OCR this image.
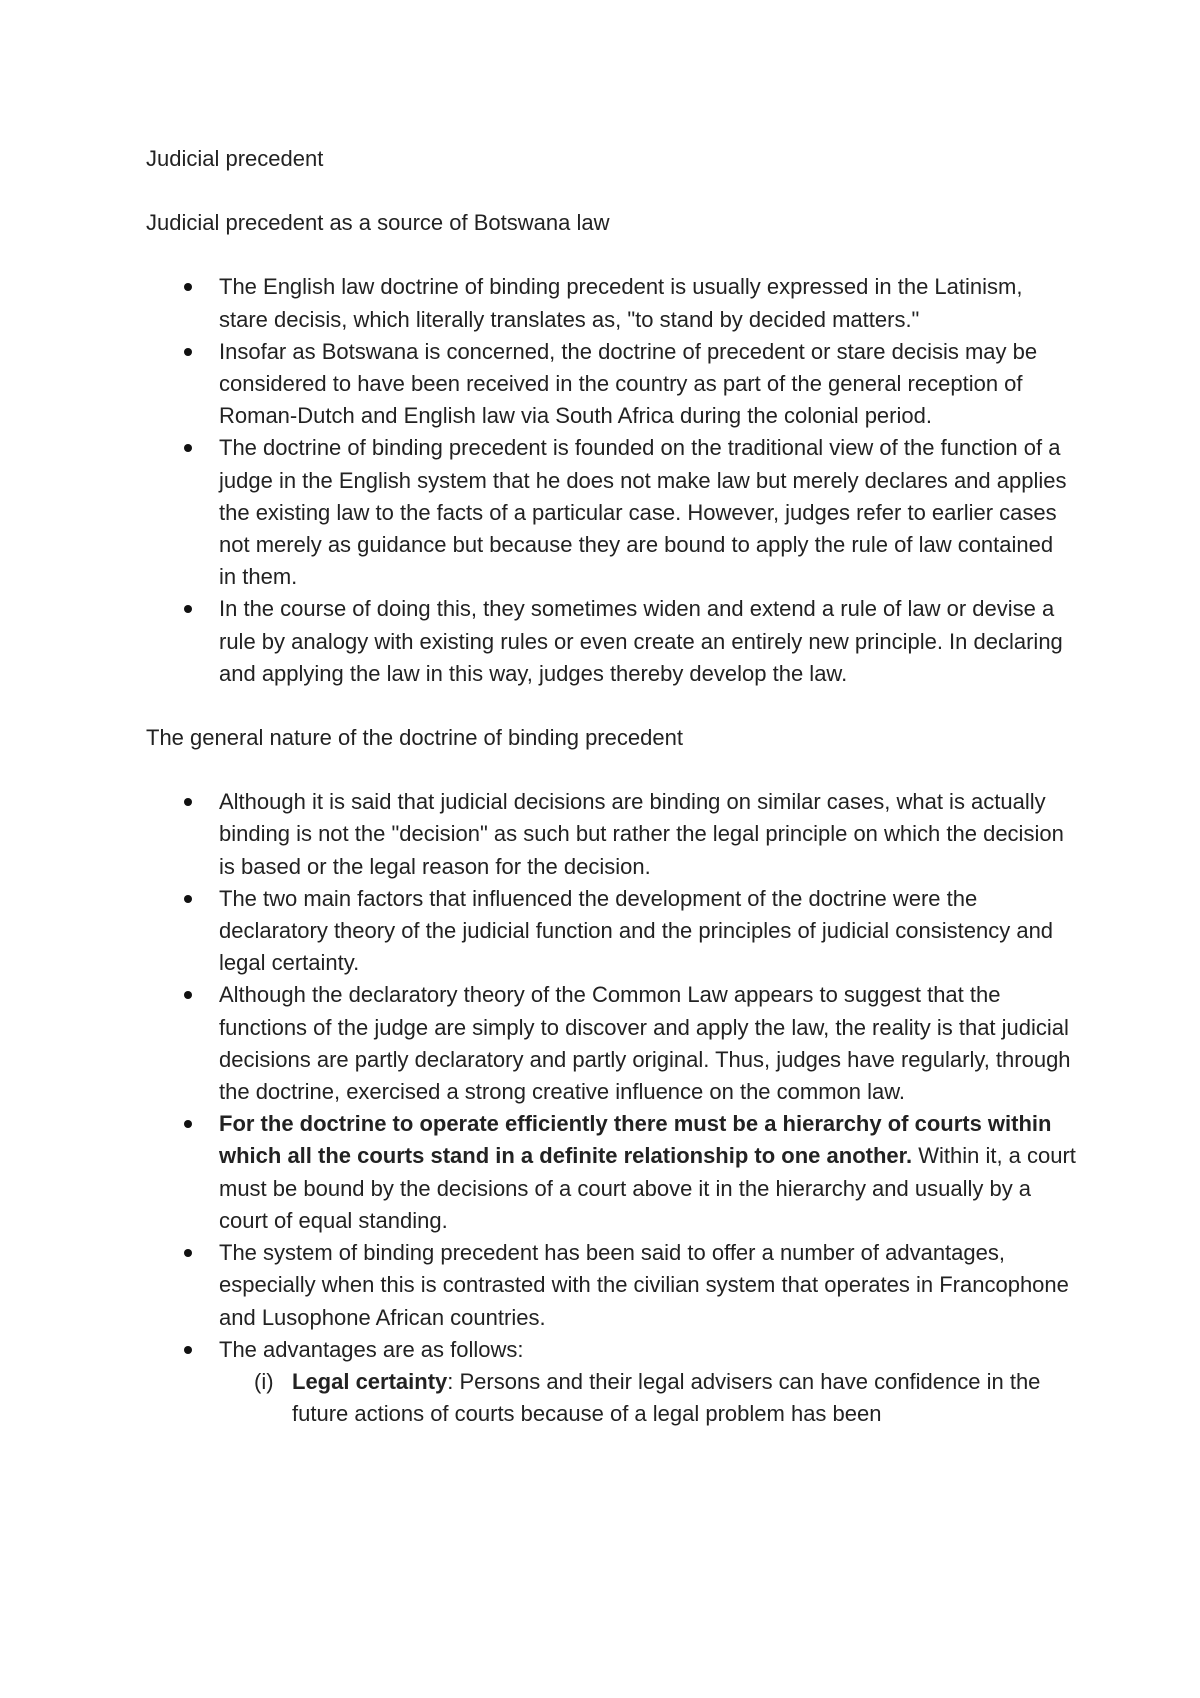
Judicial precedent

Judicial precedent as a source of Botswana law

The English law doctrine of binding precedent is usually expressed in the Latinism, stare decisis, which literally translates as, "to stand by decided matters."
Insofar as Botswana is concerned, the doctrine of precedent or stare decisis may be considered to have been received in the country as part of the general reception of Roman-Dutch and English law via South Africa during the colonial period.
The doctrine of binding precedent is founded on the traditional view of the function of a judge in the English system that he does not make law but merely declares and applies the existing law to the facts of a particular case. However, judges refer to earlier cases not merely as guidance but because they are bound to apply the rule of law contained in them.
In the course of doing this, they sometimes widen and extend a rule of law or devise a rule by analogy with existing rules or even create an entirely new principle. In declaring and applying the law in this way, judges thereby develop the law.

The general nature of the doctrine of binding precedent

Although it is said that judicial decisions are binding on similar cases, what is actually binding is not the "decision" as such but rather the legal principle on which the decision is based or the legal reason for the decision.
The two main factors that influenced the development of the doctrine were the declaratory theory of the judicial function and the principles of judicial consistency and legal certainty.
Although the declaratory theory of the Common Law appears to suggest that the functions of the judge are simply to discover and apply the law, the reality is that judicial decisions are partly declaratory and partly original. Thus, judges have regularly, through the doctrine, exercised a strong creative influence on the common law.
For the doctrine to operate efficiently there must be a hierarchy of courts within which all the courts stand in a definite relationship to one another. Within it, a court must be bound by the decisions of a court above it in the hierarchy and usually by a court of equal standing.
The system of binding precedent has been said to offer a number of advantages, especially when this is contrasted with the civilian system that operates in Francophone and Lusophone African countries.
The advantages are as follows:
(i) Legal certainty: Persons and their legal advisers can have confidence in the future actions of courts because of a legal problem has been
